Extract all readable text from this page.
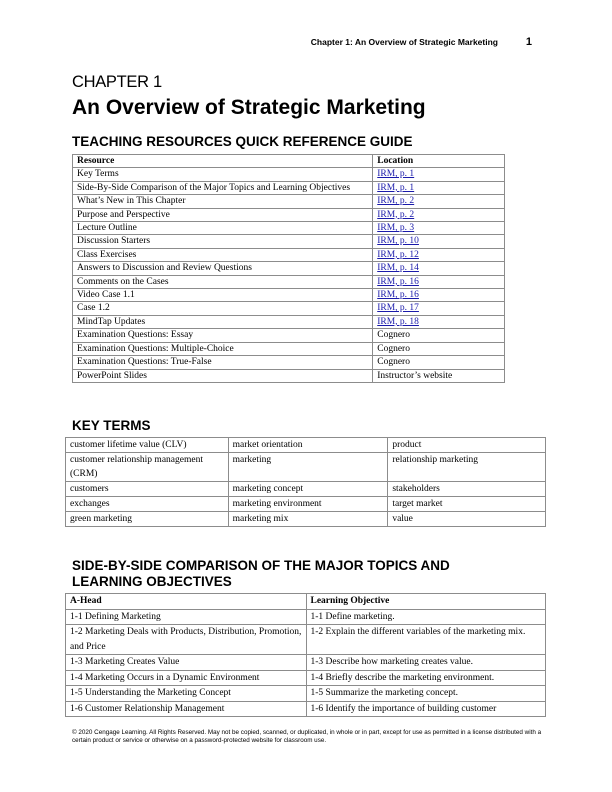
Chapter 1: An Overview of Strategic Marketing	1
CHAPTER 1
An Overview of Strategic Marketing
TEACHING RESOURCES QUICK REFERENCE GUIDE
Resource	Location
Key Terms	IRM, p. 1
Side-By-Side Comparison of the Major Topics and Learning Objectives	IRM, p. 1
What’s New in This Chapter	IRM, p. 2
Purpose and Perspective	IRM, p. 2
Lecture Outline	IRM, p. 3
Discussion Starters	IRM, p. 10
Class Exercises	IRM, p. 12
Answers to Discussion and Review Questions	IRM, p. 14
Comments on the Cases	IRM, p. 16
Video Case 1.1	IRM, p. 16
Case 1.2	IRM, p. 17
MindTap Updates	IRM, p. 18
Examination Questions: Essay	Cognero
Examination Questions: Multiple-Choice	Cognero
Examination Questions: True-False	Cognero
PowerPoint Slides	Instructor’s website
KEY TERMS
customer lifetime value (CLV)	market orientation	product
customer relationship management (CRM)	marketing	relationship marketing
customers	marketing concept	stakeholders
exchanges	marketing environment	target market
green marketing	marketing mix	value
SIDE-BY-SIDE COMPARISON OF THE MAJOR TOPICS AND LEARNING OBJECTIVES
A-Head	Learning Objective
1-1 Defining Marketing	1-1 Define marketing.
1-2 Marketing Deals with Products, Distribution, Promotion, and Price	1-2 Explain the different variables of the marketing mix.
1-3 Marketing Creates Value	1-3 Describe how marketing creates value.
1-4 Marketing Occurs in a Dynamic Environment	1-4 Briefly describe the marketing environment.
1-5 Understanding the Marketing Concept	1-5 Summarize the marketing concept.
1-6 Customer Relationship Management	1-6 Identify the importance of building customer
© 2020 Cengage Learning. All Rights Reserved. May not be copied, scanned, or duplicated, in whole or in part, except for use as permitted in a license distributed with a certain product or service or otherwise on a password-protected website for classroom use.
